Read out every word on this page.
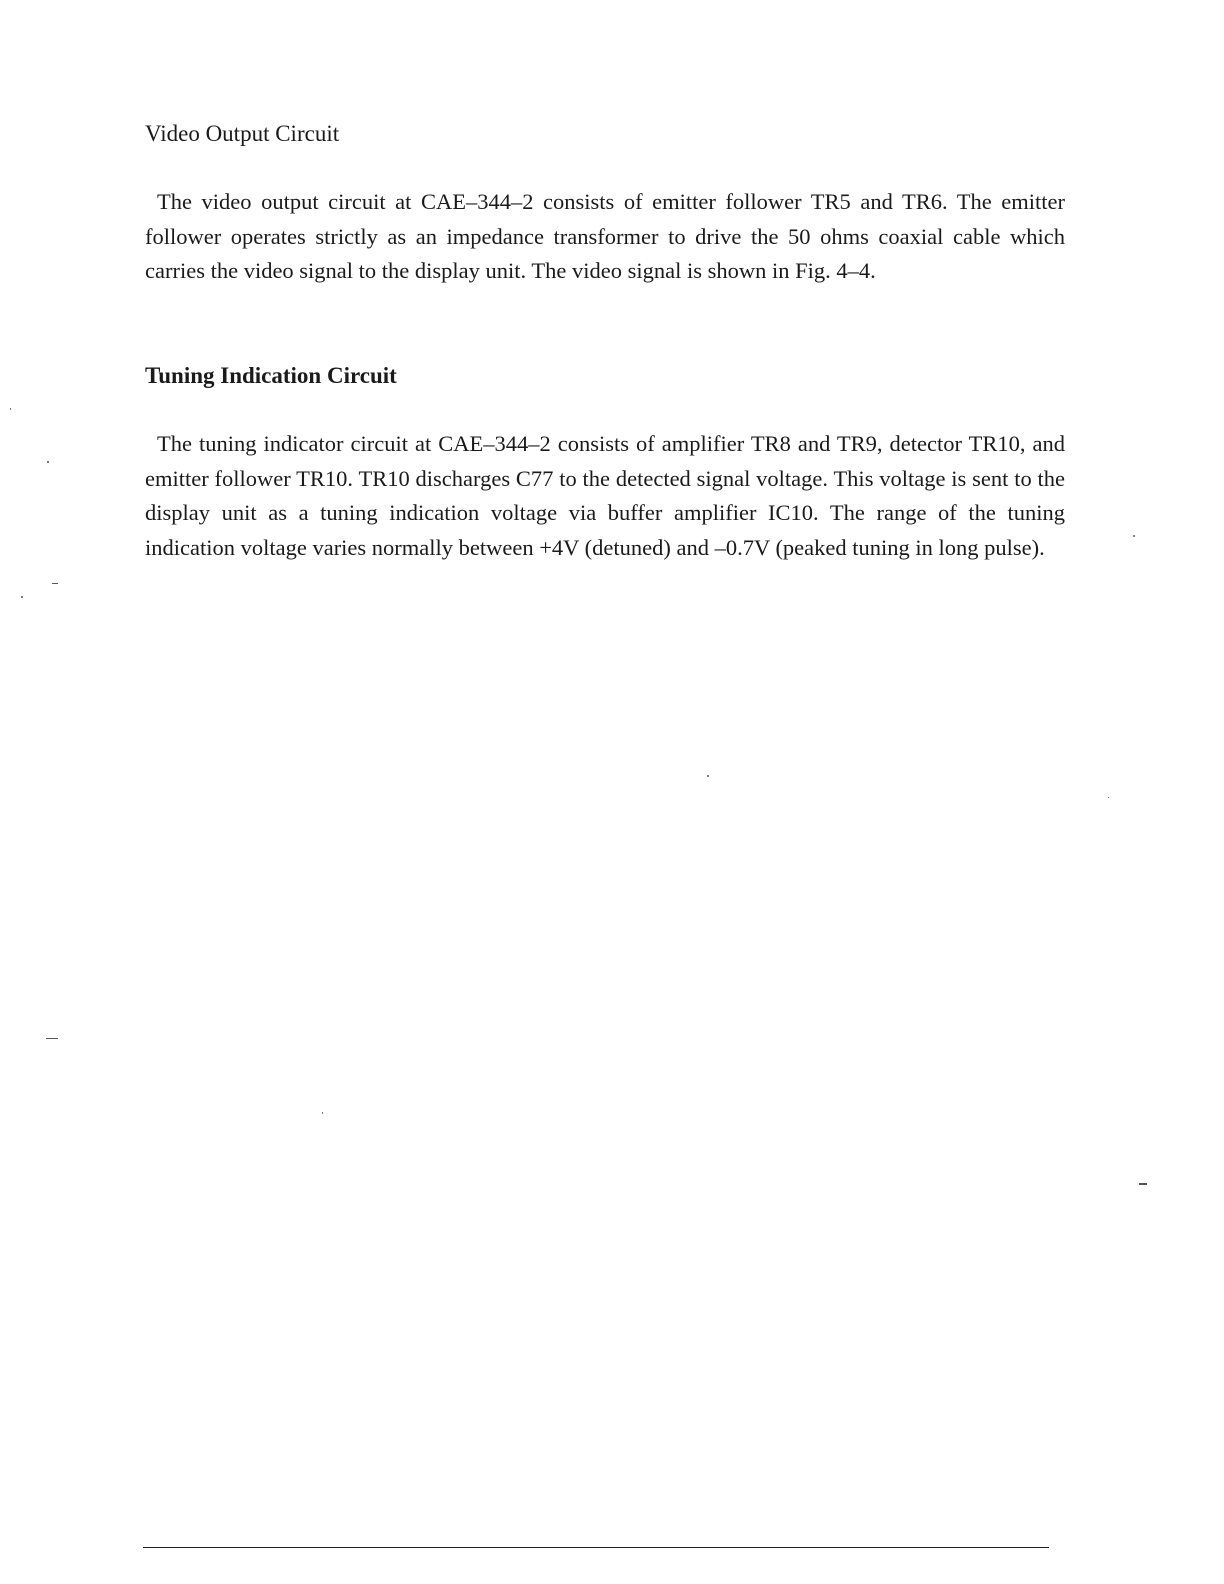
Video Output Circuit

The video output circuit at CAE–344–2 consists of emitter follower TR5 and TR6. The emitter follower operates strictly as an impedance transformer to drive the 50 ohms coaxial cable which carries the video signal to the display unit. The video signal is shown in Fig. 4–4.

Tuning Indication Circuit

The tuning indicator circuit at CAE–344–2 consists of amplifier TR8 and TR9, detector TR10, and emitter follower TR10. TR10 discharges C77 to the detected signal voltage. This voltage is sent to the display unit as a tuning indication voltage via buffer amplifier IC10. The range of the tuning indication voltage varies normally between +4V (detuned) and –0.7V (peaked tuning in long pulse).
